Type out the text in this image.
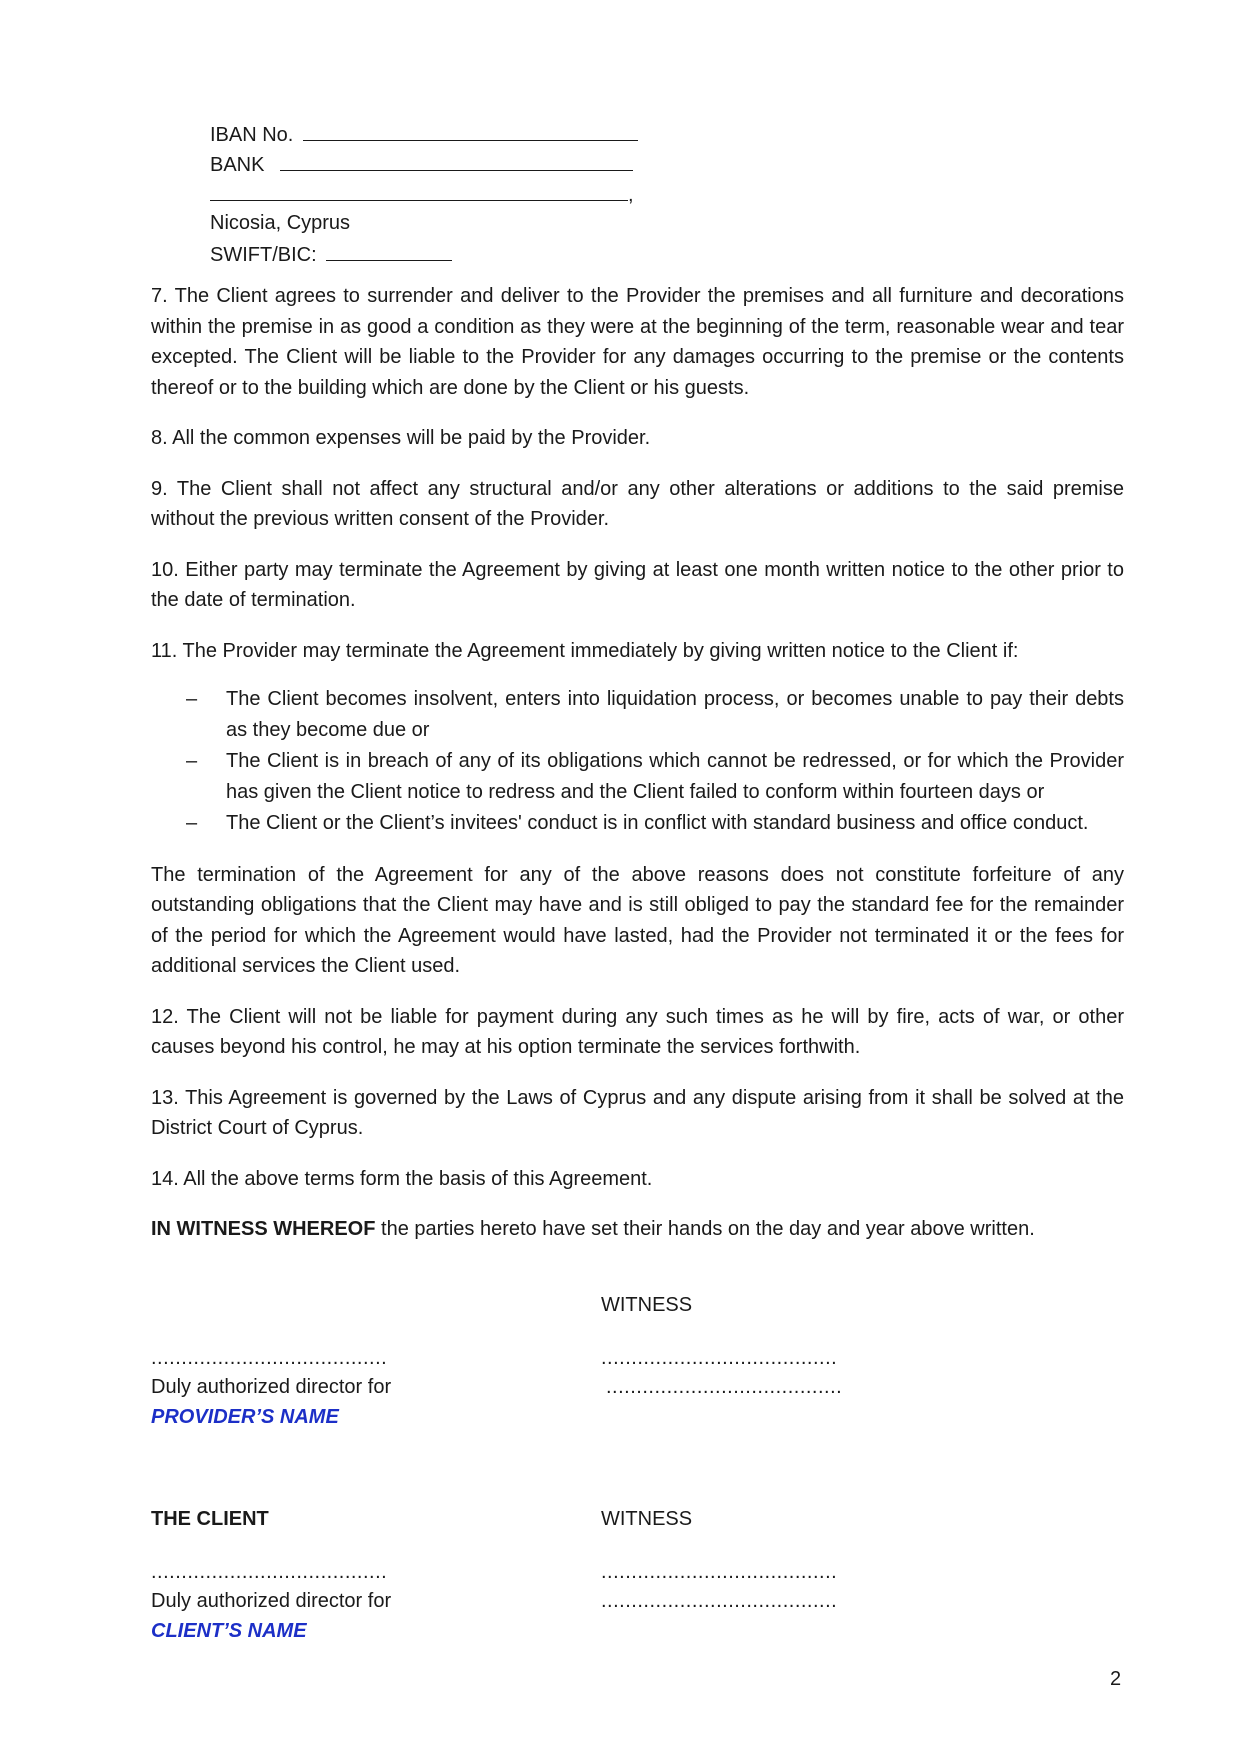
IBAN No.
BANK
,
Nicosia, Cyprus
SWIFT/BIC:

7. The Client agrees to surrender and deliver to the Provider the premises and all furniture and decorations within the premise in as good a condition as they were at the beginning of the term, reasonable wear and tear excepted. The Client will be liable to the Provider for any damages occurring to the premise or the contents thereof or to the building which are done by the Client or his guests.

8. All the common expenses will be paid by the Provider.

9. The Client shall not affect any structural and/or any other alterations or additions to the said premise without the previous written consent of the Provider.

10. Either party may terminate the Agreement by giving at least one month written notice to the other prior to the date of termination.

11. The Provider may terminate the Agreement immediately by giving written notice to the Client if:

– The Client becomes insolvent, enters into liquidation process, or becomes unable to pay their debts as they become due or
– The Client is in breach of any of its obligations which cannot be redressed, or for which the Provider has given the Client notice to redress and the Client failed to conform within fourteen days or
– The Client or the Client’s invitees' conduct is in conflict with standard business and office conduct.

The termination of the Agreement for any of the above reasons does not constitute forfeiture of any outstanding obligations that the Client may have and is still obliged to pay the standard fee for the remainder of the period for which the Agreement would have lasted, had the Provider not terminated it or the fees for additional services the Client used.

12. The Client will not be liable for payment during any such times as he will by fire, acts of war, or other causes beyond his control, he may at his option terminate the services forthwith.

13. This Agreement is governed by the Laws of Cyprus and any dispute arising from it shall be solved at the District Court of Cyprus.

14. All the above terms form the basis of this Agreement.

IN WITNESS WHEREOF the parties hereto have set their hands on the day and year above written.

WITNESS
.......................................	.......................................
Duly authorized director for	.......................................
PROVIDER’S NAME
THE CLIENT	WITNESS
.......................................	.......................................
Duly authorized director for	.......................................
CLIENT’S NAME
2
